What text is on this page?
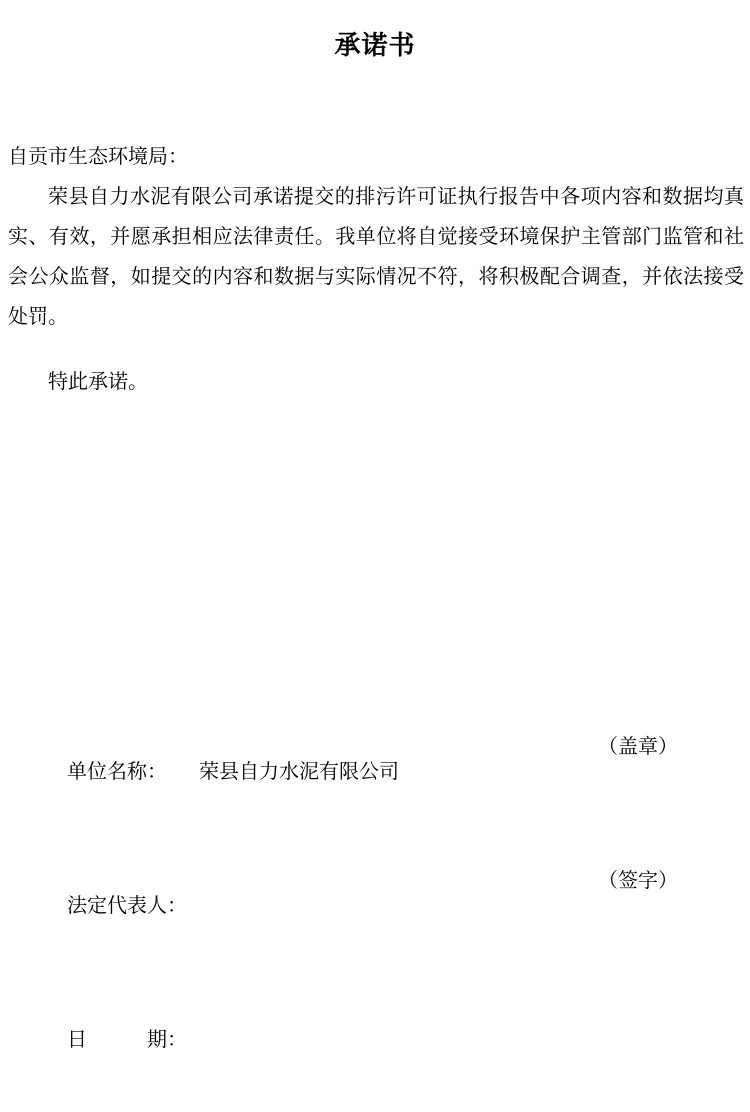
承诺书

自贡市生态环境局：

荣县自力水泥有限公司承诺提交的排污许可证执行报告中各项内容和数据均真实、有效，并愿承担相应法律责任。我单位将自觉接受环境保护主管部门监管和社会公众监督，如提交的内容和数据与实际情况不符，将积极配合调查，并依法接受处罚。

特此承诺。

单位名称： 荣县自力水泥有限公司

（盖章）

法定代表人：

（签字）

日　　　期：
